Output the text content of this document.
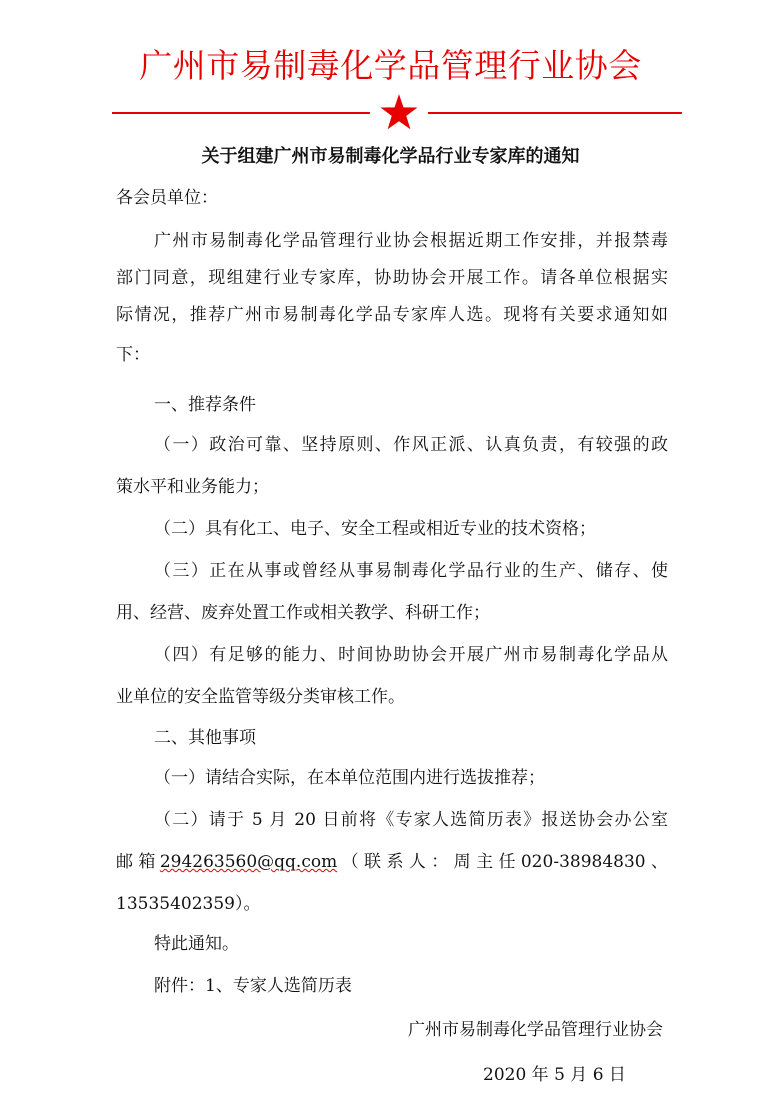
广州市易制毒化学品管理行业协会
关于组建广州市易制毒化学品行业专家库的通知
各会员单位：
广州市易制毒化学品管理行业协会根据近期工作安排，并报禁毒
部门同意，现组建行业专家库，协助协会开展工作。请各单位根据实
际情况，推荐广州市易制毒化学品专家库人选。现将有关要求通知如
下：
一、推荐条件
（一）政治可靠、坚持原则、作风正派、认真负责，有较强的政
策水平和业务能力；
（二）具有化工、电子、安全工程或相近专业的技术资格；
（三）正在从事或曾经从事易制毒化学品行业的生产、储存、使
用、经营、废弃处置工作或相关教学、科研工作；
（四）有足够的能力、时间协助协会开展广州市易制毒化学品从
业单位的安全监管等级分类审核工作。
二、其他事项
（一）请结合实际，在本单位范围内进行选拔推荐；
（二）请于 5 月 20 日前将《专家人选简历表》报送协会办公室
邮 箱 294263560@qq.com （ 联 系 人 ： 周 主 任 020-38984830 、
13535402359）。
特此通知。
附件：1、专家人选简历表
广州市易制毒化学品管理行业协会
2020 年 5 月 6 日
